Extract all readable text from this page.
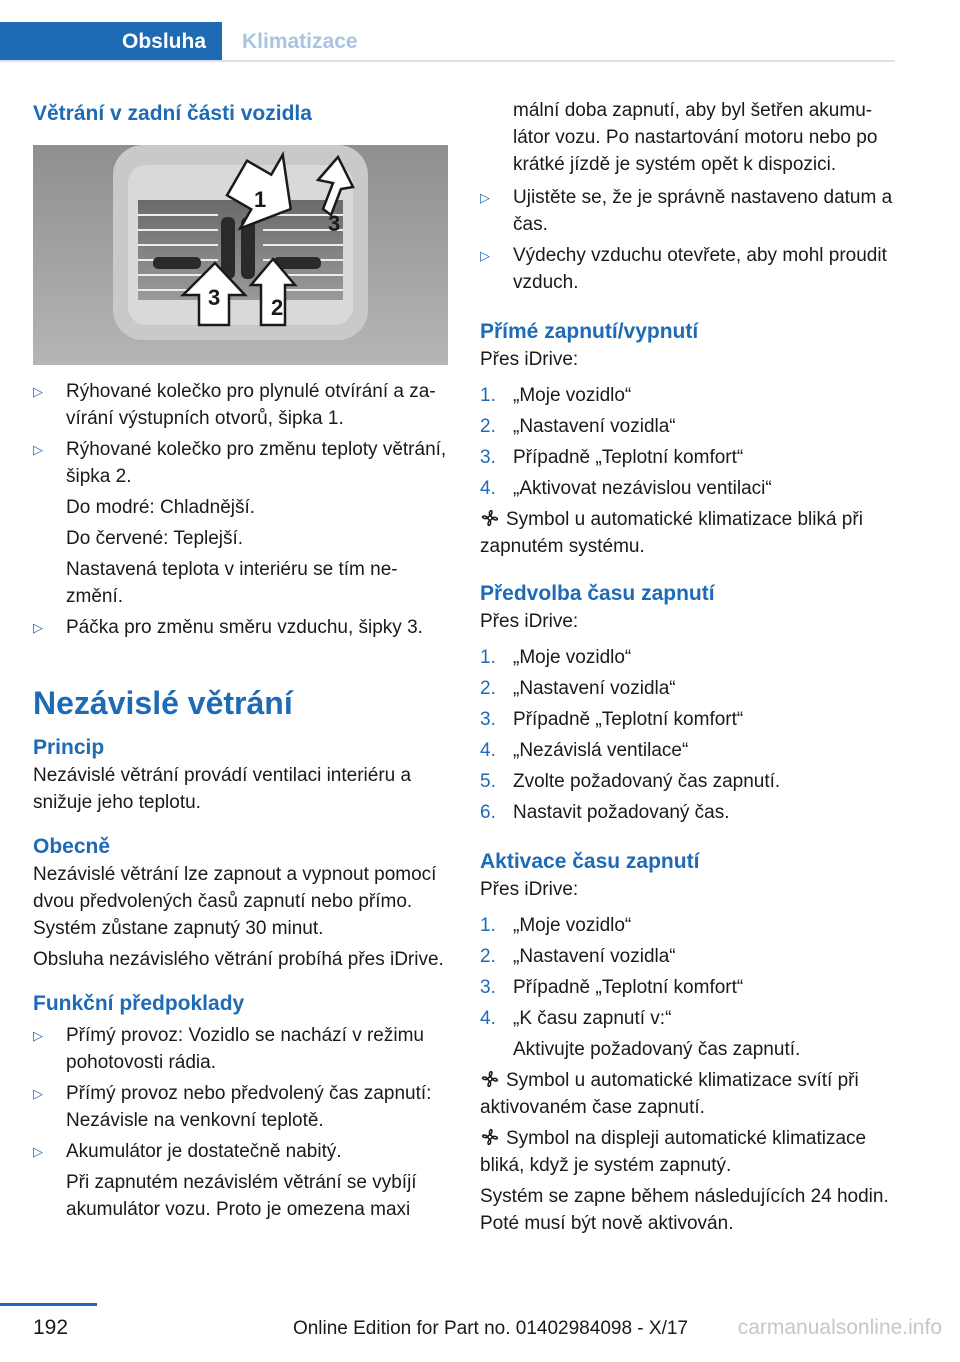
Obsluha	Klimatizace
Větrání v zadní části vozidla
1
2
3
3
▷ Rýhované kolečko pro plynulé otvírání a zavírání výstupních otvorů, šipka 1.
▷ Rýhované kolečko pro změnu teploty větrání, šipka 2.

Do modré: Chladnější.

Do červené: Teplejší.

Nastavená teplota v interiéru se tím nezmění.

▷ Páčka pro změnu směru vzduchu, šipky 3.
Nezávislé větrání
Princip

Nezávislé větrání provádí ventilaci interiéru a snižuje jeho teplotu.

Obecně

Nezávislé větrání lze zapnout a vypnout pomocí dvou předvolených časů zapnutí nebo přímo. Systém zůstane zapnutý 30 minut.

Obsluha nezávislého větrání probíhá přes iDrive.

Funkční předpoklady
▷ Přímý provoz: Vozidlo se nachází v režimu pohotovosti rádia.
▷ Přímý provoz nebo předvolený čas zapnutí: Nezávisle na venkovní teplotě.
▷ Akumulátor je dostatečně nabitý.

Při zapnutém nezávislém větrání se vybíjí akumulátor vozu. Proto je omezena maxi

mální doba zapnutí, aby byl šetřen akumulátor vozu. Po nastartování motoru nebo po krátké jízdě je systém opět k dispozici.

▷ Ujistěte se, že je správně nastaveno datum a čas.
▷ Výdechy vzduchu otevřete, aby mohl proudit vzduch.
Přímé zapnutí/vypnutí

Přes iDrive:

1. „Moje vozidlo“
2. „Nastavení vozidla“
3. Případně „Teplotní komfort“
4. „Aktivovat nezávislou ventilaci“

Symbol u automatické klimatizace bliká při zapnutém systému.

Předvolba času zapnutí

Přes iDrive:

1. „Moje vozidlo“
2. „Nastavení vozidla“
3. Případně „Teplotní komfort“
4. „Nezávislá ventilace“
5. Zvolte požadovaný čas zapnutí.
6. Nastavit požadovaný čas.
Aktivace času zapnutí

Přes iDrive:

1. „Moje vozidlo“
2. „Nastavení vozidla“
3. Případně „Teplotní komfort“
4. „K času zapnutí v:“

Aktivujte požadovaný čas zapnutí.

Symbol u automatické klimatizace svítí při aktivovaném čase zapnutí.

Symbol na displeji automatické klimatizace bliká, když je systém zapnutý.

Systém se zapne během následujících 24 hodin. Poté musí být nově aktivován.

192	Online Edition for Part no. 01402984098 - X/17 carmanualsonline.info
